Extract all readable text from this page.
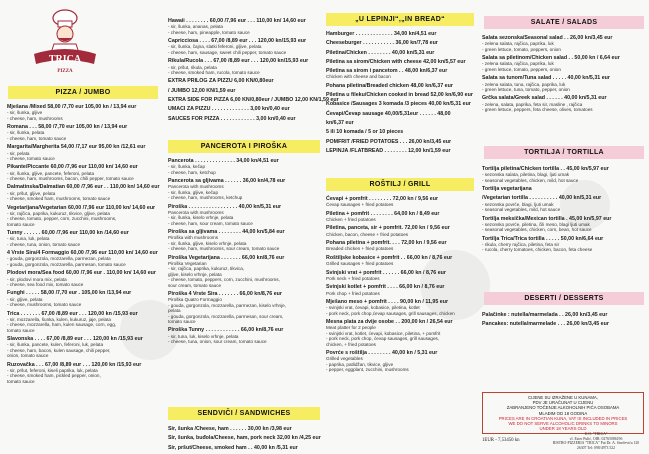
TRICA
PIZZA
PIZZA / JUMBO
Mješana /Mixed 58,00 /7,70 eur 105,00 kn / 13,94 eur
- sir, šunka, gljive
- cheese, ham, mushrooms
Romana . . . 58,00 /7,70 eur 105,00 kn / 13,94 eur
- sir, šunka, pelata
- cheese, ham, tomato sauce
Margarita/Margherita 54,00 /7,17 eur 95,00 kn /12,61 eur
- sir, pelata
- cheese, tomato sauce
Pikante/Piccante 60,00 /7,96 eur 110,00 kn/ 14,60 eur
- sir, šunka, gljive, pancete, feferoni, pelata
- cheese, ham, mushrooms, bacon, chili pepper, tomato sauce
Dalmatinska/Dalmatian 60,00 /7,96 eur . . 110,00 kn/ 14,60 eur
- sir, pršut, gljive, pelata
- cheese, smoked ham, mushrooms, tomato sauce
Vegetarijana/Vegetarian 60,00 /7,96 eur 110,00 kn/ 14,60 eur
- sir, rajčica, paprika, kukuruz, tikvice, gljive, pelata
- cheese, tomato, pepper, corn, zucchini, mushrooms,
tomato sauce
Tunny . . . . . . 60,00 /7,96 eur 110,00 kn /14,60 eur
- sir, tuna, luk, pelata
- cheese, tuna, onion, tomato sauce
4 Vrste Sira/4 Formaggio 60,00 /7,96 eur 110,00 kn/ 14,60 eur
- gouda, gorgonzola, mozzarella, parmezan, pelata
- gouda, gorgonzola, mozzarella, parmesan, tomato sauce
Plodovi mora/Sea food 60,00 /7,96 eur . 110,00 kn/ 14,60 eur
- sir, plodovi mora mix, pelata
- cheese, sea food mix, tomato sauce
Funghi . . . . . 58,00 /7,70 eur . 105,00 kn /13,94 eur
- sir, gljive, pelata
- cheese, mushrooms, tomato sauce
Trica . . . . . . . 67,00 /8,89 eur . . . 120,00 kn /15,93 eur
- sir, mozzarella, šunka, kulen, kukuruz, jaje, pelata
- cheese, mozzarella, ham, kulen sausage, corn, egg,
tomato sauce
Slavonska . . . . 67,00 /8,89 eur . . . 120,00 kn /15,93 eur
- sir, šunka, pancete, kulen, feferoni, luk, pelata
- cheese, ham, bacon, kulen sausage, chili pepper,
onion, tomato sauce
Ruzovačka . . . 67,00 /8,89 eur . . . 120,00 kn /15,93 eur
- sir, pršut, feferoni, kiseli paprika, luk, pelata
- cheese, smoked ham, pickled pepper, onion,
tomato sauce
Hawaii . . . . . . . . 60,00 /7,96 eur . . . 110,00 kn/ 14,60 eur
- sir, šunka, ananas, pelata
- cheese, ham, pineapple, tomato sauce
Capricciosa . . . . 67,00 /8,89 eur . . . 120,00 kn/15,93 eur
- sir, šunka, čajna, slatki feferoni, gljive, pelata
- cheese, ham, sausage, sweet chili pepper, tomato sauce
Rikula/Rucola . . . 67,00 /8,89 eur . . . 120,00 kn/15,93 eur
- sir, pršut, rikula, pelata
- cheese, smoked ham, rucola, tomato sauce
EXTRA PRILOG ZA PIZZU 6,00 KN/0,80eur
/ JUMBO 12,00 KN/1,59 eur
EXTRA SIDE FOR PIZZA 6,00 KN/0,80eur / JUMBO 12,00 KN/1,59 eur
UMACI ZA PIZZU . . . . . . . . . . . . . 3,00 kn/0,40 eur
SAUCES FOR PIZZA . . . . . . . . . . . . 3,00 kn/0,40 eur
PANCEROTA I PIROŠKA
Pancerota . . . . . . . . . . . . . . 34,00 kn/4,51 eur
- sir, šunka, kečap
- cheese, ham, ketchup
Pancerota sa gljivama . . . . . . 36,00 kn/4,78 eur
Pancerota with mushrooms
- sir, šunka, gljive, kečap
- cheese, ham, mushrooms, ketchup
Piroška . . . . . . . . . . . . . . . . . 40,00 kn/5,31 eur
Pancerota with mushrooms
- sir, šunka, kiselo vrhnje, pelata
- cheese, ham, sour cream, tomato sauce
Piroška sa gljivama . . . . . . . . 44,00 kn/5,84 eur
Piroška with mushrooms
- sir, šunka, gljive, kiselo vrhnje, pelata
- cheese, ham, mushrooms, sour cream, tomato sauce
Piroška Vegetarijana . . . . . . . 66,00 kn/8,76 eur
Piroška Vegetarian
- sir, rajčica, paprika, kukuruz, tikvica,
gljive, kiselo vrhnje, pelata
- cheese, tomato, peppers, corn, zucchini, mushrooms,
sour cream, tomato sauce
Piroška 4 Vrste Sira . . . . . . . 66,00 kn/8,76 eur
Piroška Quatro Formaggio
- gouda, gorgonzola, mozzarella, parmezan, kiselo vrhnje,
pelata
- gouda, gorgonzola, mozzarella, parmesan, sour cream,
tomato sauce
Piroška Tunny . . . . . . . . . . . . 66,00 kn/8,76 eur
- sir, tuna, luk, kiselo vrhnje, pelata
- cheese, tuna, onion, sour cream, tomato sauce
SENDVIČI / SANDWICHES
Sir, šunka /Cheese, ham . . . . . . 30,00 kn /3,98 eur
Sir, šunka, buđola/Cheese, ham, pork neck 32,00 kn /4,25 eur
Sir, pršut/Cheese, smoked ham . . 40,00 kn /5,31 eur
„U LEPINJI“,„IN BREAD“
Hamburger . . . . . . . . . . . . . 34,00 kn/4,51 eur
Cheeseburger . . . . . . . . . . . 36,00 kn/7,78 eur
Piletina/Chicken . . . . . . . . 40,00 kn/5,31 eur
Piletina sa sirom/Chicken with cheese 42,00 kn/5,57 eur
Piletina sa sirom i pancetom . . 48,00 kn/6,37 eur
Chicken with cheese and bacon
Pohana piletina/Breaded chicken 48,00 kn/6,37 eur
Piletina u fileku/Chicken cooked in bread 52,00 kn/6,90 eur
Kobasice /Sausages 3 komada /3 pieces 40,00 kn/5,31 eur
Ćevapi/Ćevap sausage 40,00/5,31eur . . . . . . 48,00
kn/6,37 eur
5 ili 10 komada / 5 or 10 pieces
POMFRIT /FRIED POTATOES . . . 26,00 kn/3,45 eur
LEPINJA /FLATBREAD . . . . . . . . 12,00 kn/1,59 eur
ROŠTILJ / GRILL
Ćevapi + pomfrit . . . . . . . . 72,00 kn / 9,56 eur
Ćevap sausages + fried potatoes
Piletina + pomfrit . . . . . . . . 64,00 kn / 8,49 eur
Chicken + fried potatoes
Piletina, panceta, sir + pomfrit. 72,00 kn / 9,56 eur
Chicken, bacon, cheese + fried potatoes
Pohana piletina + pomfrit. . . . 72,00 kn / 9,56 eur
Breaded chicken + fried potatoes
Roštiljske kobasice + pomfrit . . 66,00 kn / 8,76 eur
Grilled sausages + fried potatoes
Svinjski vrat + pomfrit . . . . . . 66,00 kn / 8,76 eur
Pork neck + fried potatoes
Svinjski kotlet + pomfrit . . . . 66,00 kn / 8,76 eur
Pork chop + fried potatoes
Mješano meso + pomfrit . . . . 90,00 kn / 11,95 eur
- svinjski vrat, ćevapi, kobasice, piletina, kotlet
- pork neck, pork chop,ćevap sausages, grill sausages, chicken
Mesna plata za dvije osobe . . 200,00 kn / 26,54 eur
Meat platter for 2 people
- svinjski vrat, kotlet, ćevapi, kobasice, piletina, + pomfrit
- pork neck, pork chop, ćevap sausages, grill sausages,
chicken, + fried potatoes
Povrće s roštilja . . . . . . . . 40,00 kn / 5,31 eur
Grilled vegetables
- paprika, patlidžan, tikvice, gljive
- pepper, eggplant, zucchini, mushrooms
SALATE / SALADS
Salata sezonska/Seasonal salad . . 26,00 kn/3,45 eur
- zelena salata, rajčica, paprika, luk
- green lettuce, tomato, peppers, onion
Salata sa piletinom/Chicken salad . . 50,00 kn / 6,64 eur
- zelena salata, rajčica, paprika, luk
- green lettuce, tomato, peppers, onion
Salata sa tunom/Tuna salad . . . . . 40,00 kn/5,31 eur
- zelena salata, tuna, rajčica, paprika, luk
- green lettuce, tuna, tomato, pepper, onion
Grčka salata/Greek salad . . . . . . 40,00 kn/5,31 eur
- zelena, salata, paprika, feta sir, masline , rajčica
- green lettuce, peppers, feta cheese, olives, tomatoes
TORTILJA / TORTILLA
Tortilja piletina/Chicken tortilla . . 45,00 kn/5,97 eur
- sezonska salata, piletina, blagi, ljuti umak
- seasonal vegetables, chicken, mild, hot sauce
Tortilja vegetarijana
/Vegetarian tortilla . . . . . . . . . . 40,00 kn/5,31 eur
- sezonska povrće, blagi, ljuti umak
- seasonal vegetables, mild, hot sauce
Tortilja meksička/Mexican tortilla . 45,00 kn/5,97 eur
- sezonsko povrće, piletina, čili meso, blagi ljuti umak
- seasonal vegetables, chicken, corn, bean, hot sauce
Tortilja Trica/Trica tortilla . . . . . 50,00 kn/6,64 eur
- rikula, cherry rajčica, piletina, feta sir
- rucola, cherry tomatoes, chicken, bacon, feta cheese
DESERTI / DESSERTS
Palačinke : nutella/marmelada . . 26,00 kn/3,45 eur
Pancakes: nutella/marmelade . . . 26,00 kn/3,45 eur
CIJENE SU IZRAŽENE U KUNAMA,
PDV JE URAČUNAT U CIJENU
ZABRANJENO TOČENJE ALKOHOLNIH PIĆA OSOBAMA
MLAĐIM OD 18 GODINA
PRICES ARE IN CROATIAN KUNA, VAT IS INCLUDED IN PRICES
WE DO NOT SERVE ALCOHOLIC DRINKS TO MINORS
UNDER 18 YEARS OLD
1EUR - 7,53450 kn
U.O. "TRICA"
vl. Ester Pulić, OIB: 02765086196
BISTRO-PIZZERIA "TRICA" Put Dr. A. Starčevića 120
26307 Tel: 098/4973 522
